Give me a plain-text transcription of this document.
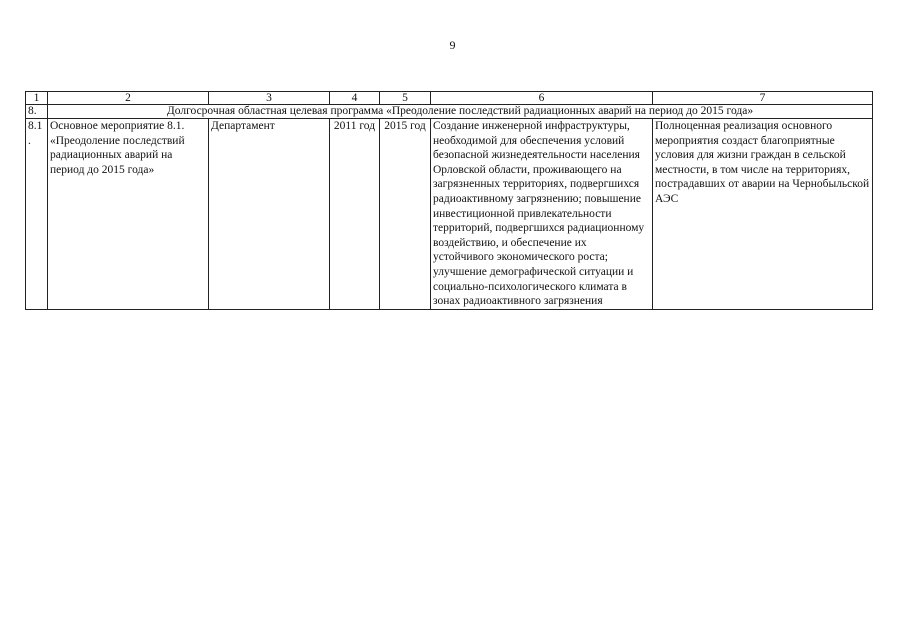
9
1	2	3	4	5	6	7
8.	Долгосрочная областная целевая программа «Преодоление последствий радиационных аварий на период до 2015 года»					
8.1.	Основное мероприятие 8.1. «Преодоление последствий радиационных аварий на период до 2015 года»	Департамент	2011 год	2015 год	Создание инженерной инфраструктуры, необходимой для обеспечения условий безопасной жизнедеятельности населения Орловской области, проживающего на загрязненных территориях, подвергшихся радиоактивному загрязнению; повышение инвестиционной привлекательности территорий, подвергшихся радиационному воздействию, и обеспечение их устойчивого экономического роста; улучшение демографической ситуации и социально-психологического климата в зонах радиоактивного загрязнения	Полноценная реализация основного мероприятия создаст благоприятные условия для жизни граждан в сельской местности, в том числе на территориях, пострадавших от аварии на Чернобыльской АЭС
